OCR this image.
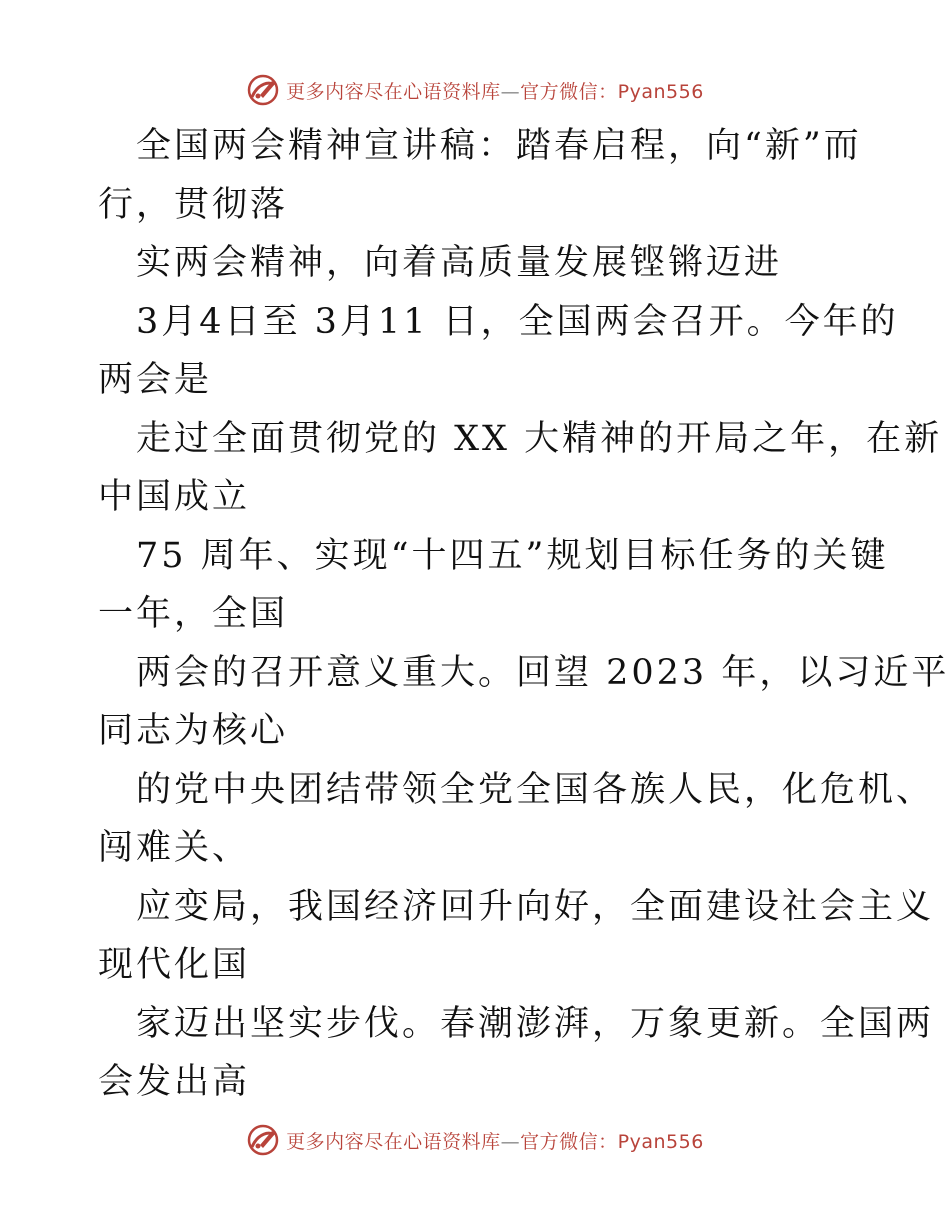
更多内容尽在心语资料库—官方微信：Pyan556

全国两会精神宣讲稿：踏春启程，向“新”而
行，贯彻落

实两会精神，向着高质量发展铿锵迈进

3月4日至 3月11 日，全国两会召开。今年的
两会是

走过全面贯彻党的 XX 大精神的开局之年，在新
中国成立

75 周年、实现“十四五”规划目标任务的关键
一年，全国

两会的召开意义重大。回望 2023 年，以习近平
同志为核心

的党中央团结带领全党全国各族人民，化危机、
闯难关、

应变局，我国经济回升向好，全面建设社会主义
现代化国

家迈出坚实步伐。春潮澎湃，万象更新。全国两
会发出高

更多内容尽在心语资料库—官方微信：Pyan556
